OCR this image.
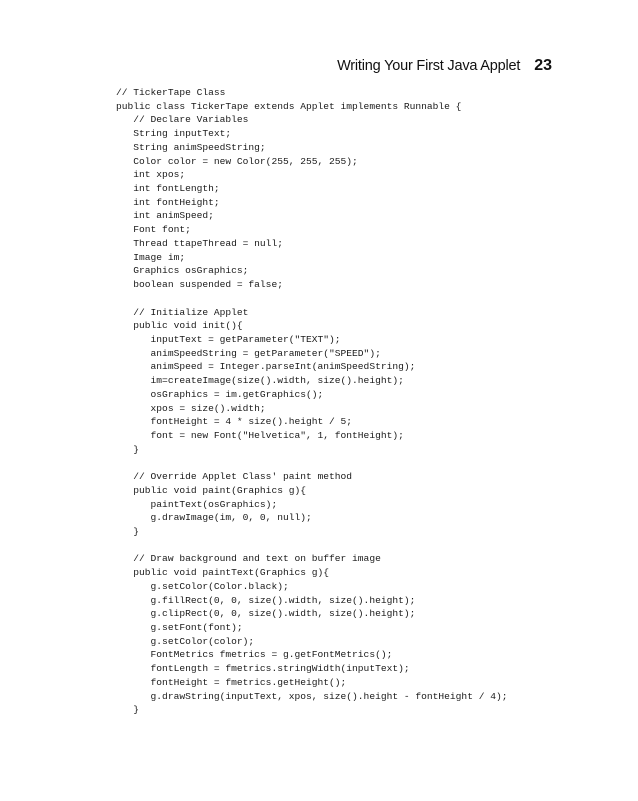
Writing Your First Java Applet 23
// TickerTape Class
public class TickerTape extends Applet implements Runnable {
// Declare Variables
String inputText;
String animSpeedString;
Color color = new Color(255, 255, 255);
int xpos;
int fontLength;
int fontHeight;
int animSpeed;
Font font;
Thread ttapeThread = null;
Image im;
Graphics osGraphics;
boolean suspended = false;
// Initialize Applet
public void init(){
inputText = getParameter("TEXT");
animSpeedString = getParameter("SPEED");
animSpeed = Integer.parseInt(animSpeedString);
im=createImage(size().width, size().height);
osGraphics = im.getGraphics();
xpos = size().width;
fontHeight = 4 * size().height / 5;
font = new Font("Helvetica", 1, fontHeight);
}
// Override Applet Class' paint method
public void paint(Graphics g){
paintText(osGraphics);
g.drawImage(im, 0, 0, null);
}
// Draw background and text on buffer image
public void paintText(Graphics g){
g.setColor(Color.black);
g.fillRect(0, 0, size().width, size().height);
g.clipRect(0, 0, size().width, size().height);
g.setFont(font);
g.setColor(color);
FontMetrics fmetrics = g.getFontMetrics();
fontLength = fmetrics.stringWidth(inputText);
fontHeight = fmetrics.getHeight();
g.drawString(inputText, xpos, size().height - fontHeight / 4);
}
